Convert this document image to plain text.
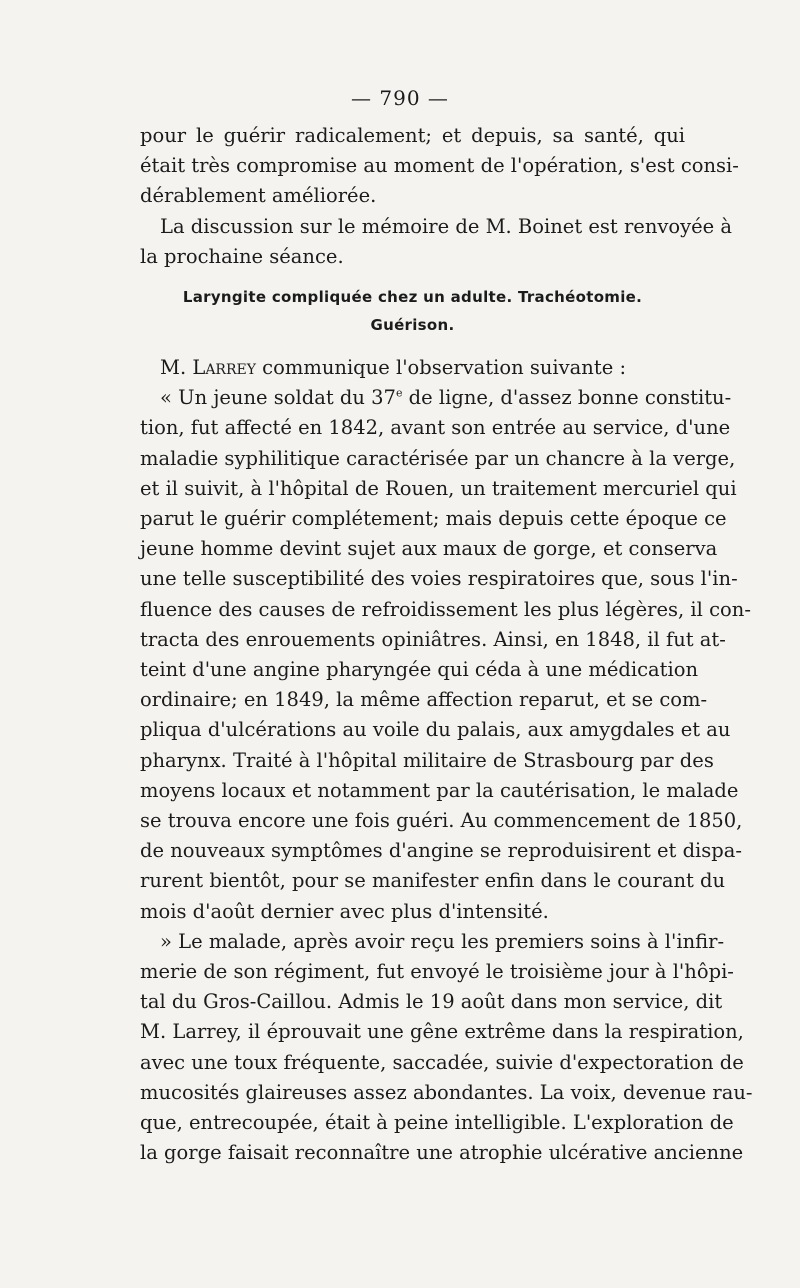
— 790 —

pour le guérir radicalement; et depuis, sa santé, qui
était très compromise au moment de l'opération, s'est consi-
dérablement améliorée.

La discussion sur le mémoire de M. Boinet est renvoyée à
la prochaine séance.

Laryngite compliquée chez un adulte. Trachéotomie.
Guérison.

M. Larrey communique l'observation suivante :

« Un jeune soldat du 37e de ligne, d'assez bonne constitu-
tion, fut affecté en 1842, avant son entrée au service, d'une
maladie syphilitique caractérisée par un chancre à la verge,
et il suivit, à l'hôpital de Rouen, un traitement mercuriel qui
parut le guérir complétement; mais depuis cette époque ce
jeune homme devint sujet aux maux de gorge, et conserva
une telle susceptibilité des voies respiratoires que, sous l'in-
fluence des causes de refroidissement les plus légères, il con-
tracta des enrouements opiniâtres. Ainsi, en 1848, il fut at-
teint d'une angine pharyngée qui céda à une médication
ordinaire; en 1849, la même affection reparut, et se com-
pliqua d'ulcérations au voile du palais, aux amygdales et au
pharynx. Traité à l'hôpital militaire de Strasbourg par des
moyens locaux et notamment par la cautérisation, le malade
se trouva encore une fois guéri. Au commencement de 1850,
de nouveaux symptômes d'angine se reproduisirent et dispa-
rurent bientôt, pour se manifester enfin dans le courant du
mois d'août dernier avec plus d'intensité.

» Le malade, après avoir reçu les premiers soins à l'infir-
merie de son régiment, fut envoyé le troisième jour à l'hôpi-
tal du Gros-Caillou. Admis le 19 août dans mon service, dit
M. Larrey, il éprouvait une gêne extrême dans la respiration,
avec une toux fréquente, saccadée, suivie d'expectoration de
mucosités glaireuses assez abondantes. La voix, devenue rau-
que, entrecoupée, était à peine intelligible. L'exploration de
la gorge faisait reconnaître une atrophie ulcérative ancienne
